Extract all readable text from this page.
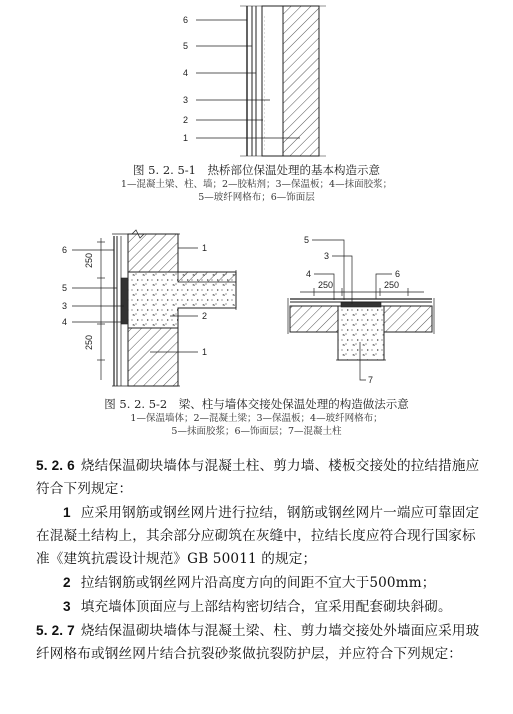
6
5
4
3
2
1
图 5. 2. 5-1　热桥部位保温处理的基本构造示意
1—混凝土梁、柱、墙；2—胶粘剂；3—保温板；4—抹面胶浆；
5—玻纤网格布；6—饰面层
250
250
6
5
3
4
1
2
1
250	250
5
3
4	6
7
图 5. 2. 5-2　梁、柱与墙体交接处保温处理的构造做法示意
1—保温墙体；2—混凝土梁；3—保温板；4—玻纤网格布；
5—抹面胶浆；6—饰面层；7—混凝土柱

5. 2. 6 烧结保温砌块墙体与混凝土柱、剪力墙、楼板交接处的拉结措施应符合下列规定：

1 应采用钢筋或钢丝网片进行拉结，钢筋或钢丝网片一端应可靠固定在混凝土结构上，其余部分应砌筑在灰缝中，拉结长度应符合现行国家标准《建筑抗震设计规范》GB 50011 的规定；

2 拉结钢筋或钢丝网片沿高度方向的间距不宜大于500mm；

3 填充墙体顶面应与上部结构密切结合，宜采用配套砌块斜砌。

5. 2. 7 烧结保温砌块墙体与混凝土梁、柱、剪力墙交接处外墙面应采用玻纤网格布或钢丝网片结合抗裂砂浆做抗裂防护层，并应符合下列规定：
